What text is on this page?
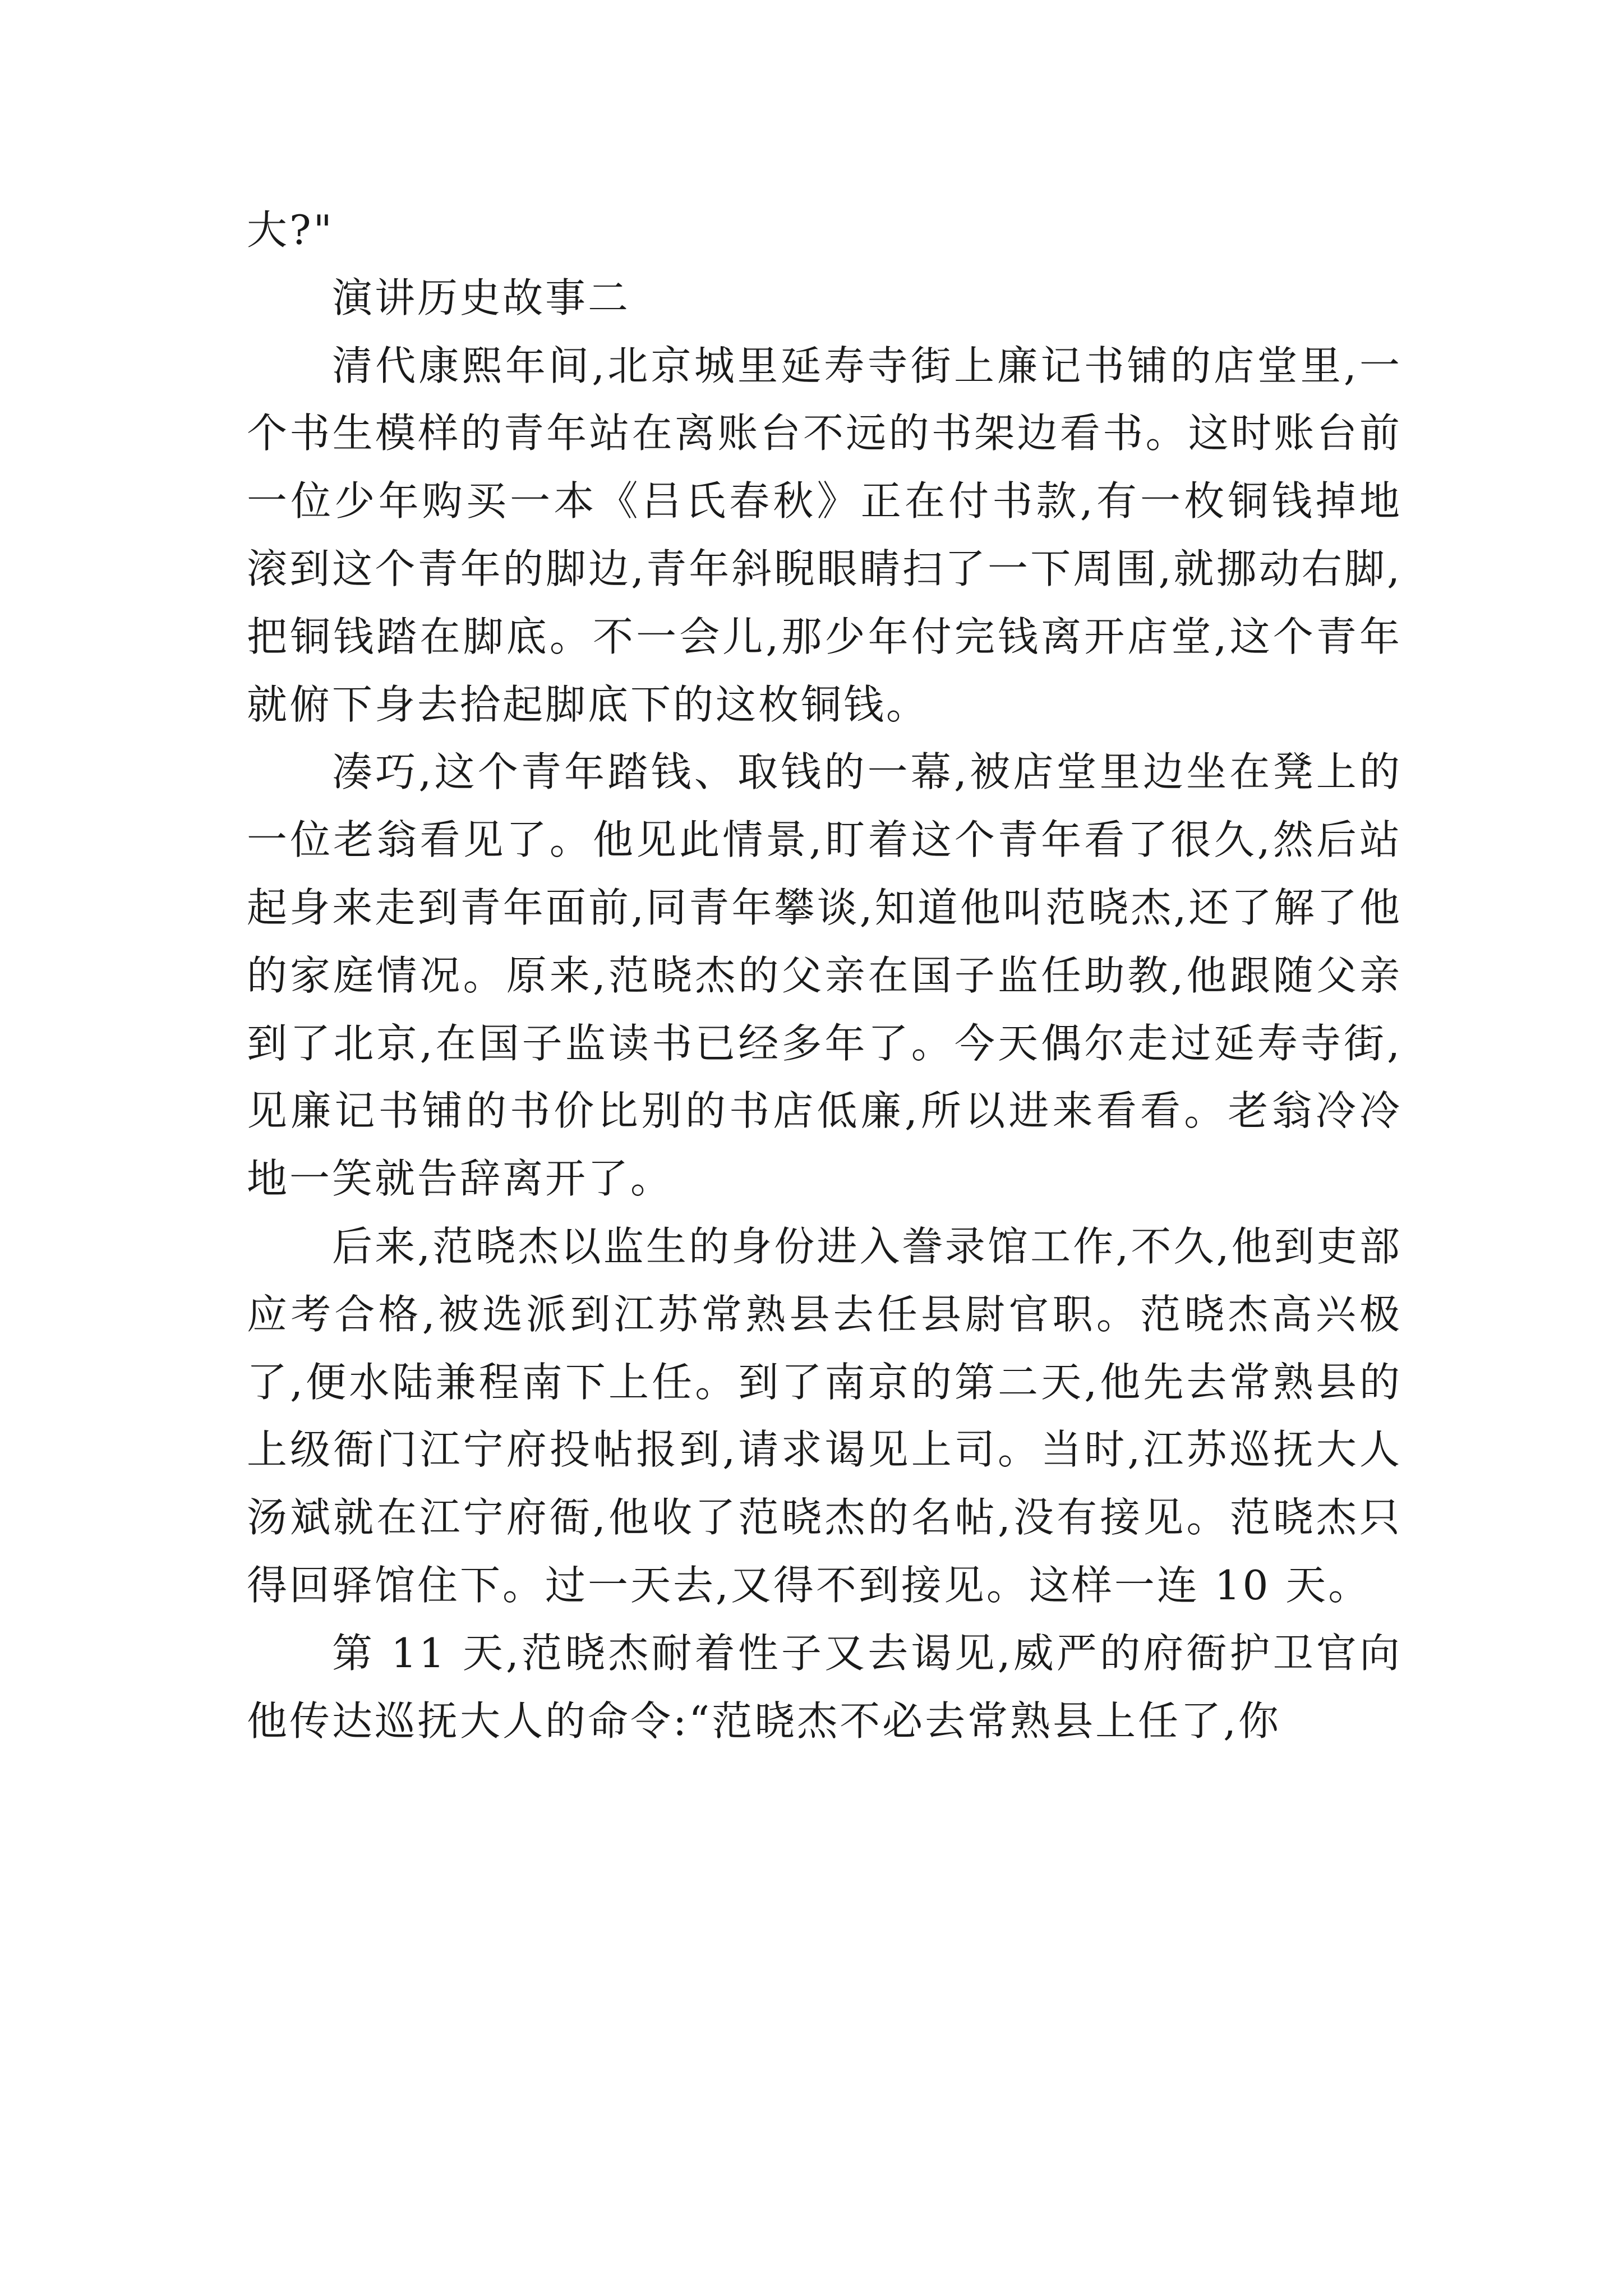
大?"

演讲历史故事二

清代康熙年间,北京城里延寿寺街上廉记书铺的店堂里,一个书生模样的青年站在离账台不远的书架边看书。这时账台前一位少年购买一本《吕氏春秋》正在付书款,有一枚铜钱掉地滚到这个青年的脚边,青年斜睨眼睛扫了一下周围,就挪动右脚,把铜钱踏在脚底。不一会儿,那少年付完钱离开店堂,这个青年就俯下身去拾起脚底下的这枚铜钱。

凑巧,这个青年踏钱、取钱的一幕,被店堂里边坐在凳上的一位老翁看见了。他见此情景,盯着这个青年看了很久,然后站起身来走到青年面前,同青年攀谈,知道他叫范晓杰,还了解了他的家庭情况。原来,范晓杰的父亲在国子监任助教,他跟随父亲到了北京,在国子监读书已经多年了。今天偶尔走过延寿寺街,见廉记书铺的书价比别的书店低廉,所以进来看看。老翁冷冷地一笑就告辞离开了。

后来,范晓杰以监生的身份进入誊录馆工作,不久,他到吏部应考合格,被选派到江苏常熟县去任县尉官职。范晓杰高兴极了,便水陆兼程南下上任。到了南京的第二天,他先去常熟县的上级衙门江宁府投帖报到,请求谒见上司。当时,江苏巡抚大人汤斌就在江宁府衙,他收了范晓杰的名帖,没有接见。范晓杰只得回驿馆住下。过一天去,又得不到接见。这样一连 10 天。

第 11 天,范晓杰耐着性子又去谒见,威严的府衙护卫官向他传达巡抚大人的命令:“范晓杰不必去常熟县上任了,你
